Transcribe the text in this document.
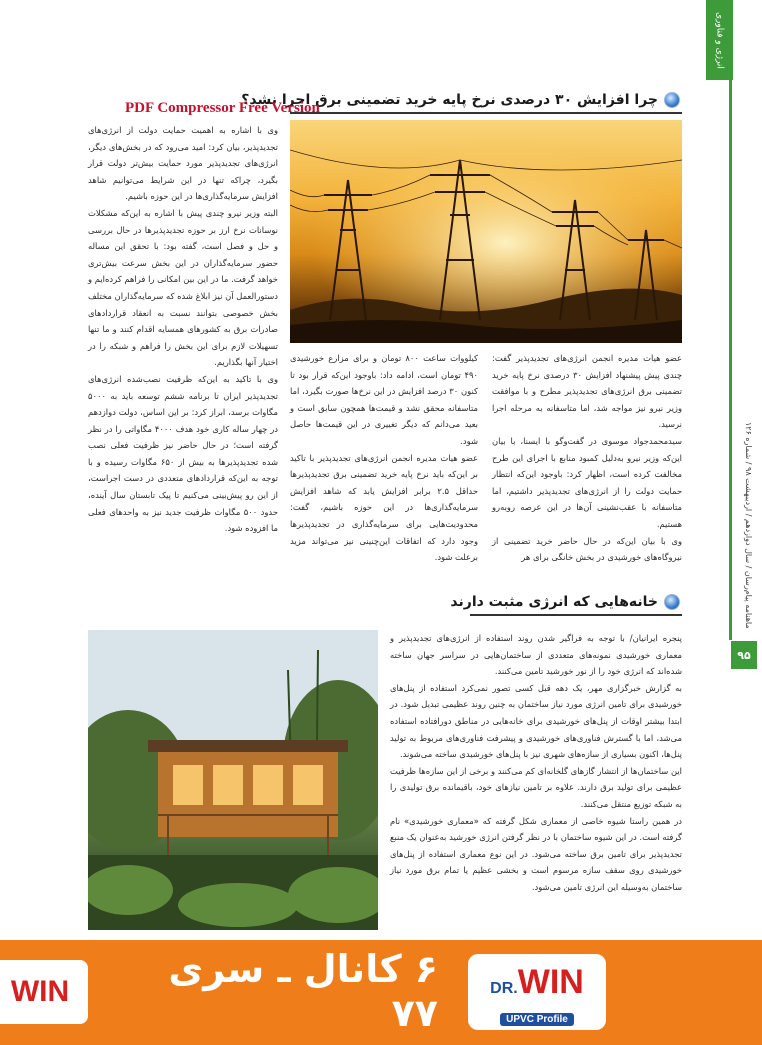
انرژی و فناوری
ماهنامه پیام‌رسان / سال دوازدهم / اردیبهشت ۹۸ / شماره ۱۲۶
۹۵
چرا افزایش ۳۰ درصدی نرخ پایه خرید تضمینی برق اجرا نشد؟
PDF Compressor Free Version

وی با اشاره به اهمیت حمایت دولت از انرژی‌های تجدیدپذیر، بیان کرد: امید می‌رود که در بخش‌های دیگر، انرژی‌های تجدیدپذیر مورد حمایت بیش‌تر دولت قرار بگیرد، چراکه تنها در این شرایط می‌توانیم شاهد افزایش سرمایه‌گذاری‌ها در این حوزه باشیم.

البته وزیر نیرو چندی پیش با اشاره به این‌که مشکلات نوسانات نرخ ارز بر حوزه تجدیدپذیرها در حال بررسی و حل و فصل است، گفته بود: با تحقق این مساله حضور سرمایه‌گذاران در این بخش سرعت بیش‌تری خواهد گرفت. ما در این بین امکانی را فراهم کرده‌ایم و دستورالعمل آن نیز ابلاغ شده که سرمایه‌گذاران مختلف بخش خصوصی بتوانند نسبت به انعقاد قراردادهای صادرات برق به کشورهای همسایه اقدام کنند و ما تنها تسهیلات لازم برای این بخش را فراهم و شبکه را در اختیار آنها بگذاریم.

وی با تاکید به این‌که ظرفیت نصب‌شده انرژی‌های تجدیدپذیر ایران تا برنامه ششم توسعه باید به ۵۰۰۰ مگاوات برسد، ابراز کرد: بر این اساس، دولت دوازدهم در چهار ساله کاری خود هدف ۴۰۰۰ مگاواتی را در نظر گرفته است؛ در حال حاضر نیز ظرفیت فعلی نصب شده تجدیدپذیرها به بیش از ۶۵۰ مگاوات رسیده و با توجه به این‌که قراردادهای متعددی در دست اجراست، از این رو پیش‌بینی می‌کنیم تا پیک تابستان سال آینده، حدود ۵۰۰ مگاوات ظرفیت جدید نیز به واحدهای فعلی ما افزوده شود.

کیلووات ساعت ۸۰۰ تومان و برای مزارع خورشیدی ۴۹۰ تومان است، ادامه داد: باوجود این‌که قرار بود تا کنون ۳۰ درصد افزایش در این نرخ‌ها صورت بگیرد، اما متاسفانه محقق نشد و قیمت‌ها همچون سابق است و بعید می‌دانم که دیگر تغییری در این قیمت‌ها حاصل شود.

عضو هیات مدیره انجمن انرژی‌های تجدیدپذیر با تاکید بر این‌که باید نرخ پایه خرید تضمینی برق تجدیدپذیرها حداقل ۲.۵ برابر افزایش یابد که شاهد افزایش سرمایه‌گذاری‌ها در این حوزه باشیم، گفت: محدودیت‌هایی برای سرمایه‌گذاری در تجدیدپذیرها وجود دارد که اتفاقات این‌چنینی نیز می‌تواند مزید برعلت شود.

عضو هیات مدیره انجمن انرژی‌های تجدیدپذیر گفت: چندی پیش پیشنهاد افزایش ۳۰ درصدی نرخ پایه خرید تضمینی برق انرژی‌های تجدیدپذیر مطرح و با موافقت وزیر نیرو نیز مواجه شد، اما متاسفانه به مرحله اجرا نرسید.

سیدمحمدجواد موسوی در گفت‌وگو با ایسنا، با بیان این‌که وزیر نیرو به‌دلیل کمبود منابع با اجرای این طرح مخالفت کرده است، اظهار کرد: باوجود این‌که انتظار حمایت دولت را از انرژی‌های تجدیدپذیر داشتیم، اما متاسفانه با عقب‌نشینی آن‌ها در این عرصه روبه‌رو هستیم.

وی با بیان این‌که در حال حاضر خرید تضمینی از نیروگاه‌های خورشیدی در بخش خانگی برای هر

خانه‌هایی که انرژی مثبت دارند

پنجره ایرانیان/ با توجه به فراگیر شدن روند استفاده از انرژی‌های تجدیدپذیر و معماری خورشیدی نمونه‌های متعددی از ساختمان‌هایی در سراسر جهان ساخته شده‌اند که انرژی خود را از نور خورشید تامین می‌کنند.

به گزارش خبرگزاری مهر، یک دهه قبل کسی تصور نمی‌کرد استفاده از پنل‌های خورشیدی برای تامین انرژی مورد نیاز ساختمان به چنین روند عظیمی تبدیل شود. در ابتدا بیشتر اوقات از پنل‌های خورشیدی برای خانه‌هایی در مناطق دورافتاده استفاده می‌شد، اما با گسترش فناوری‌های خورشیدی و پیشرفت فناوری‌های مربوط به تولید پنل‌ها، اکنون بسیاری از سازه‌های شهری نیز با پنل‌های خورشیدی ساخته می‌شوند.

این ساختمان‌ها از انتشار گازهای گلخانه‌ای کم می‌کنند و برخی از این سازه‌ها ظرفیت عظیمی برای تولید برق دارند. علاوه بر تامین نیازهای خود، باقیمانده برق تولیدی را به شبکه توزیع منتقل می‌کنند.

در همین راستا شیوه خاصی از معماری شکل گرفته که «معماری خورشیدی» نام گرفته است. در این شیوه ساختمان با در نظر گرفتن انرژی خورشید به‌عنوان یک منبع تجدیدپذیر برای تامین برق ساخته می‌شود. در این نوع معماری استفاده از پنل‌های خورشیدی روی سقف سازه مرسوم است و بخشی عظیم یا تمام برق مورد نیاز ساختمان به‌وسیله این انرژی تامین می‌شود.

WIN
۶ کانال ـ سری ۷۷
DR.WIN
UPVC Profile
